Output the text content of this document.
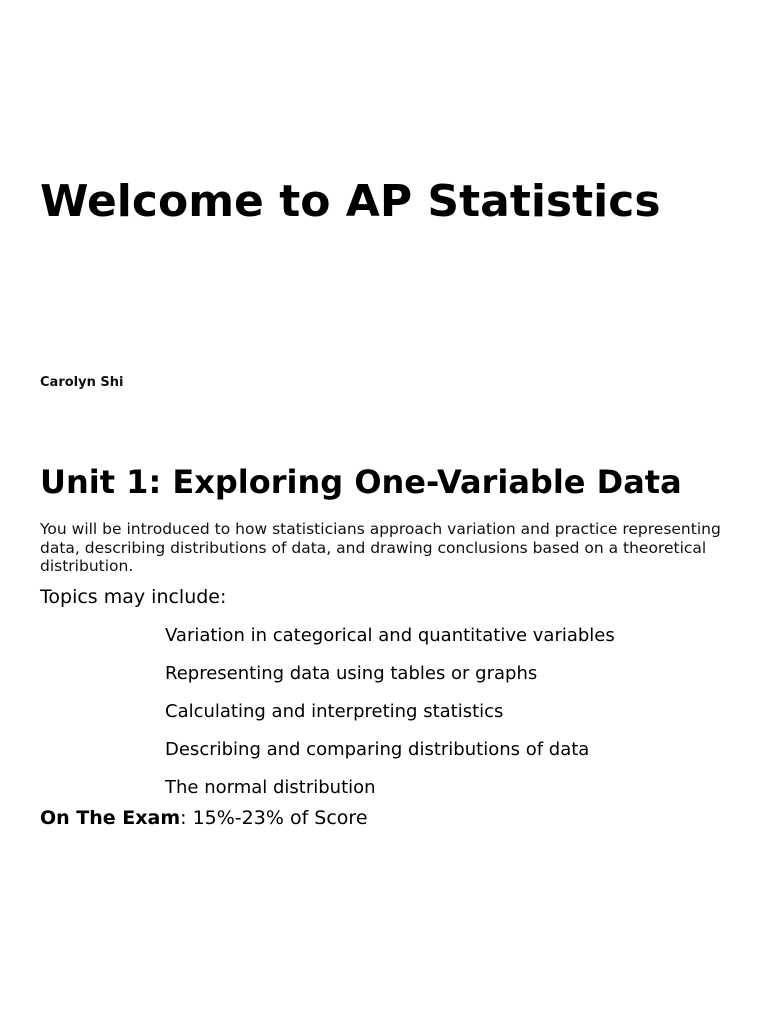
Welcome to AP Statistics

Carolyn Shi

Unit 1: Exploring One-Variable Data

You will be introduced to how statisticians approach variation and practice representing data, describing distributions of data, and drawing conclusions based on a theoretical distribution.

Topics may include:

Variation in categorical and quantitative variables
Representing data using tables or graphs
Calculating and interpreting statistics
Describing and comparing distributions of data
The normal distribution

On The Exam: 15%-23% of Score
